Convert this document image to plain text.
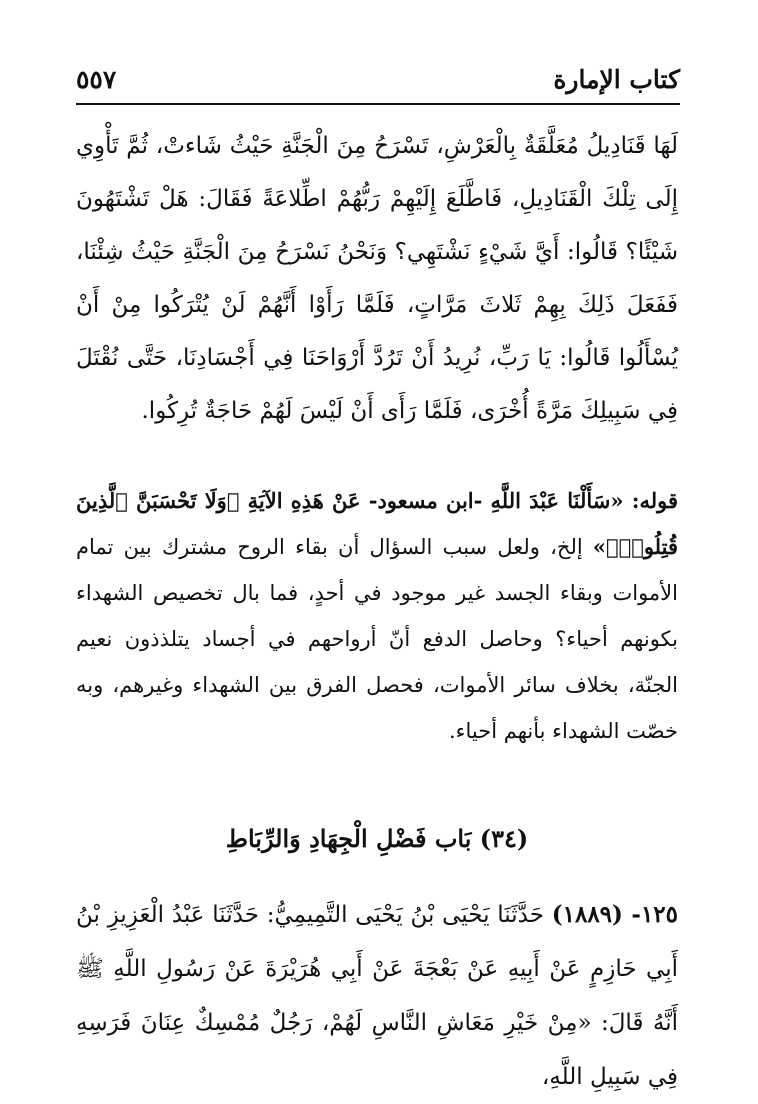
كتاب الإمارة
٥٥٧

لَهَا قَنَادِيلُ مُعَلَّقَةٌ بِالْعَرْشِ، تَسْرَحُ مِنَ الْجَنَّةِ حَيْثُ شَاءتْ، ثُمَّ تَأْوِي إِلَى تِلْكَ الْقَنَادِيلِ، فَاطَّلَعَ إِلَيْهِمْ رَبُّهُمْ اطِّلاعَةً فَقَالَ: هَلْ تَشْتَهُونَ شَيْئًا؟ قَالُوا: أَيَّ شَيْءٍ نَشْتَهِي؟ وَنَحْنُ نَسْرَحُ مِنَ الْجَنَّةِ حَيْثُ شِئْنَا، فَفَعَلَ ذَلِكَ بِهِمْ ثَلاثَ مَرَّاتٍ، فَلَمَّا رَأَوْا أَنَّهُمْ لَنْ يُتْرَكُوا مِنْ أَنْ يُسْأَلُوا قَالُوا: يَا رَبِّ، نُرِيدُ أَنْ تَرُدَّ أَرْوَاحَنَا فِي أَجْسَادِنَا، حَتَّى نُقْتَلَ فِي سَبِيلِكَ مَرَّةً أُخْرَى، فَلَمَّا رَأَى أَنْ لَيْسَ لَهُمْ حَاجَةٌ تُرِكُوا.

قوله: «سَأَلْنَا عَبْدَ اللَّهِ -ابن مسعود- عَنْ هَذِهِ الآيَةِ ﴿وَلَا تَحْسَبَنَّ ٱلَّذِينَ قُتِلُوا۟﴾» إلخ، ولعل سبب السؤال أن بقاء الروح مشترك بين تمام الأموات وبقاء الجسد غير موجود في أحدٍ، فما بال تخصيص الشهداء بكونهم أحياء؟ وحاصل الدفع أنّ أرواحهم في أجساد يتلذذون نعيم الجنّة، بخلاف سائر الأموات، فحصل الفرق بين الشهداء وغيرهم، وبه خصّت الشهداء بأنهم أحياء.

(٣٤) بَاب فَضْلِ الْجِهَادِ وَالرِّبَاطِ

١٢٥- (١٨٨٩) حَدَّثَنَا يَحْيَى بْنُ يَحْيَى التَّمِيمِيُّ: حَدَّثَنَا عَبْدُ الْعَزِيزِ بْنُ أَبِي حَازِمٍ عَنْ أَبِيهِ عَنْ بَعْجَةَ عَنْ أَبِي هُرَيْرَةَ عَنْ رَسُولِ اللَّهِ ﷺ أَنَّهُ قَالَ: «مِنْ خَيْرِ مَعَاشِ النَّاسِ لَهُمْ، رَجُلٌ مُمْسِكٌ عِنَانَ فَرَسِهِ فِي سَبِيلِ اللَّهِ،
